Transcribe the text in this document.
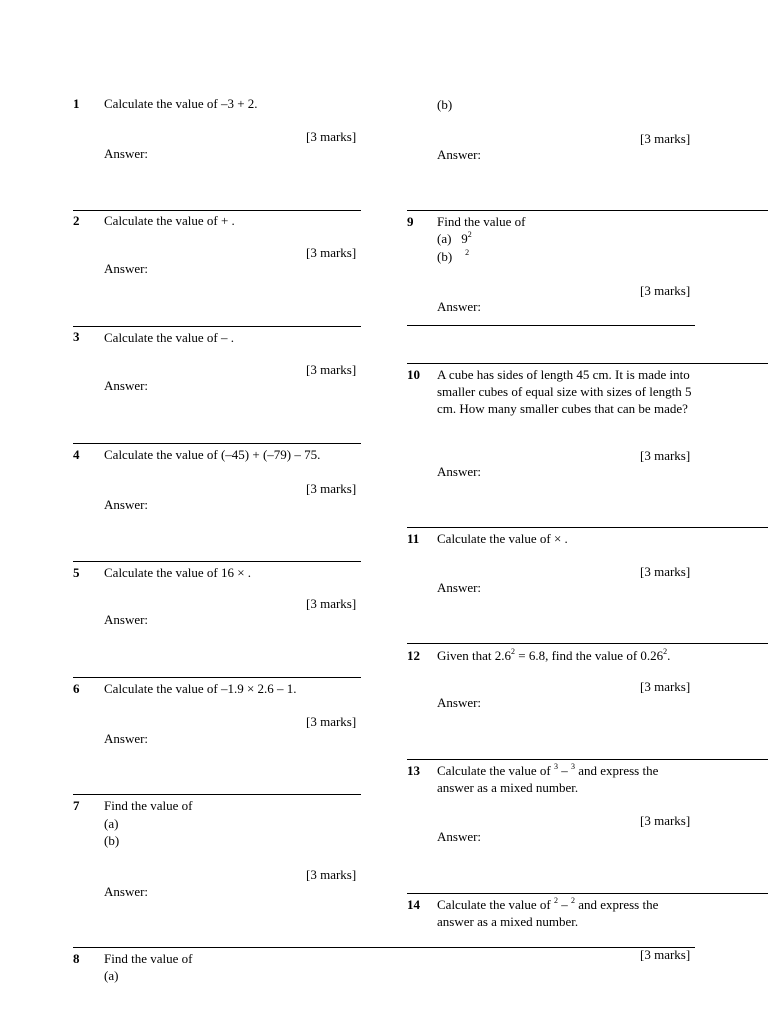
1 Calculate the value of –3 + 2.
[3 marks]
Answer:
2 Calculate the value of + .
[3 marks]
Answer:
3 Calculate the value of – .
[3 marks]
Answer:
4 Calculate the value of (–45) + (–79) – 75.
[3 marks]
Answer:
5 Calculate the value of 16 × .
[3 marks]
Answer:
6 Calculate the value of –1.9 × 2.6 – 1.
[3 marks]
Answer:
7 Find the value of
(a)
(b)
[3 marks]
Answer:
8 Find the value of
(a)
(b)
[3 marks]
Answer:
9 Find the value of
(a) $9^2$
(b) $^2$
[3 marks]
Answer:
10 A cube has sides of length 45 cm. It is made into smaller cubes of equal size with sizes of length 5 cm. How many smaller cubes that can be made?
[3 marks]
Answer:
11 Calculate the value of × .
[3 marks]
Answer:
12 Given that $2.6^2 = 6.8$, find the value of 0.26$^2$.
[3 marks]
Answer:
13 Calculate the value of $^3$ – $^3$ and express the answer as a mixed number.
[3 marks]
Answer:
14 Calculate the value of $^2$ – $^2$ and express the answer as a mixed number.
[3 marks]
